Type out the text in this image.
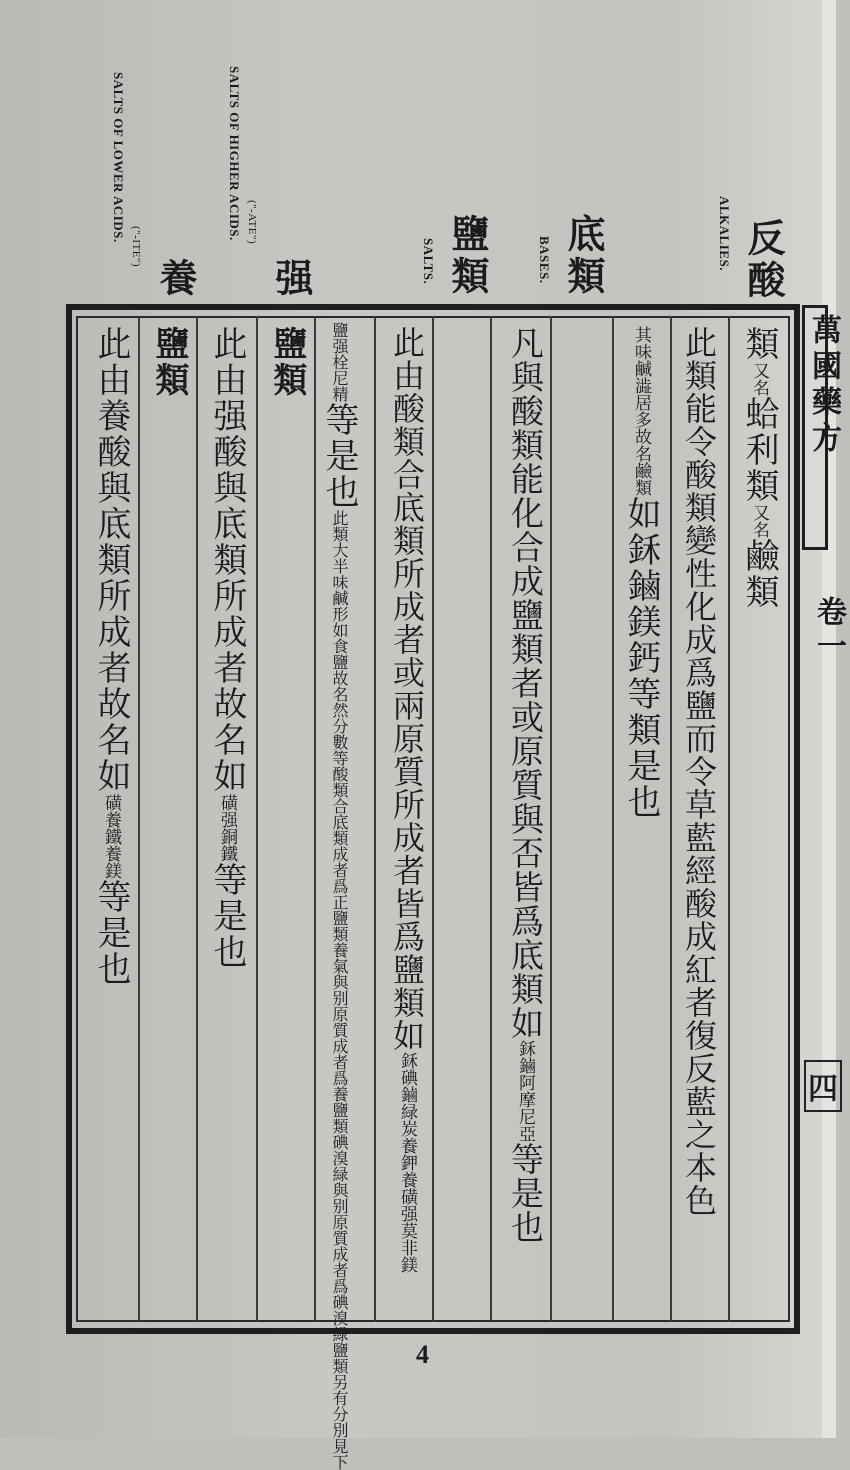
ALKALIES. 反酸
BASES. 底類
SALTS. 鹽類
SALTS OF HIGHER ACIDS. ("-ATE")
强
SALTS OF LOWER ACIDS.
("-ITE")
養
類又名蛤利類又名鹼類
此類能令酸類變性化成爲鹽而令草藍經酸成紅者復反藍之本色
其味鹹澁居多故名鹼類如鉌鏀鎂鈣等類是也
凡與酸類能化合成鹽類者或原質與否皆爲底類如鉌鏀阿摩尼亞等是也
此由酸類合底類所成者或兩原質所成者皆爲鹽類如鉌碘鏀緑炭養鉀養磺强莫非鎂
鹽强栓尼精等是也此類大半味鹹形如食鹽故名然分數等酸類合底類成者爲正鹽類養氣與别原質成者爲養鹽類碘溴緑與别原質成者爲碘溴緑鹽類另有分別見下
鹽類
此由强酸與底類所成者故名如磺强銅鐵等是也
鹽類
此由養酸與底類所成者故名如磺養鐵養鎂等是也
萬國藥方
卷一
四
4
